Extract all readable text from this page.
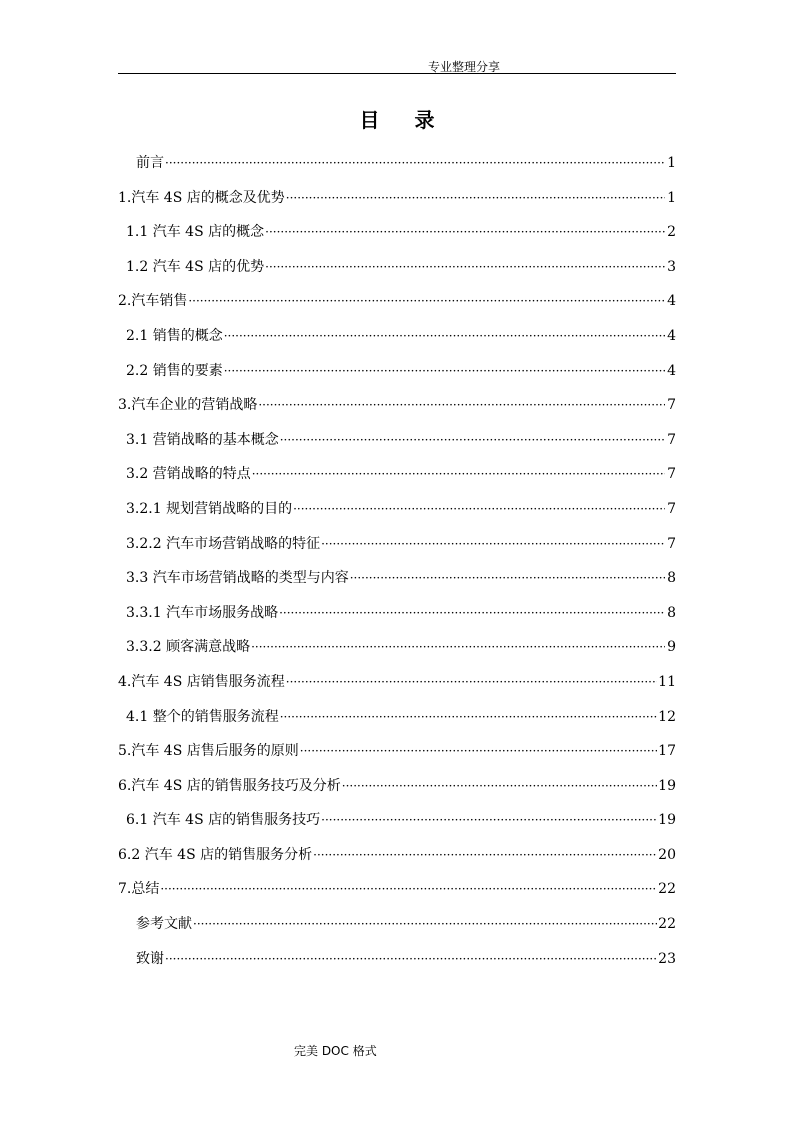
专业整理分享
目 录
前言 ·····	1
1.汽车 4S 店的概念及优势 ·····	1
1.1 汽车 4S 店的概念 ·····	2
1.2 汽车 4S 店的优势 ·····	3
2.汽车销售 ·····	4
2.1 销售的概念 ·····	4
2.2 销售的要素 ·····	4
3.汽车企业的营销战略 ·····	7
3.1 营销战略的基本概念 ·····	7
3.2 营销战略的特点 ·····	7
3.2.1 规划营销战略的目的 ·····	7
3.2.2 汽车市场营销战略的特征 ·····	7
3.3 汽车市场营销战略的类型与内容 ·····	8
3.3.1 汽车市场服务战略 ·····	8
3.3.2 顾客满意战略 ·····	9
4.汽车 4S 店销售服务流程 ·····	11
4.1 整个的销售服务流程 ·····	12
5.汽车 4S 店售后服务的原则 ·····	17
6.汽车 4S 店的销售服务技巧及分析 ·····	19
6.1 汽车 4S 店的销售服务技巧 ·····	19
6.2 汽车 4S 店的销售服务分析 ·····	20
7.总结 ·····	22
参考文献 ·····	22
致谢 ·····	23
完美 DOC 格式
